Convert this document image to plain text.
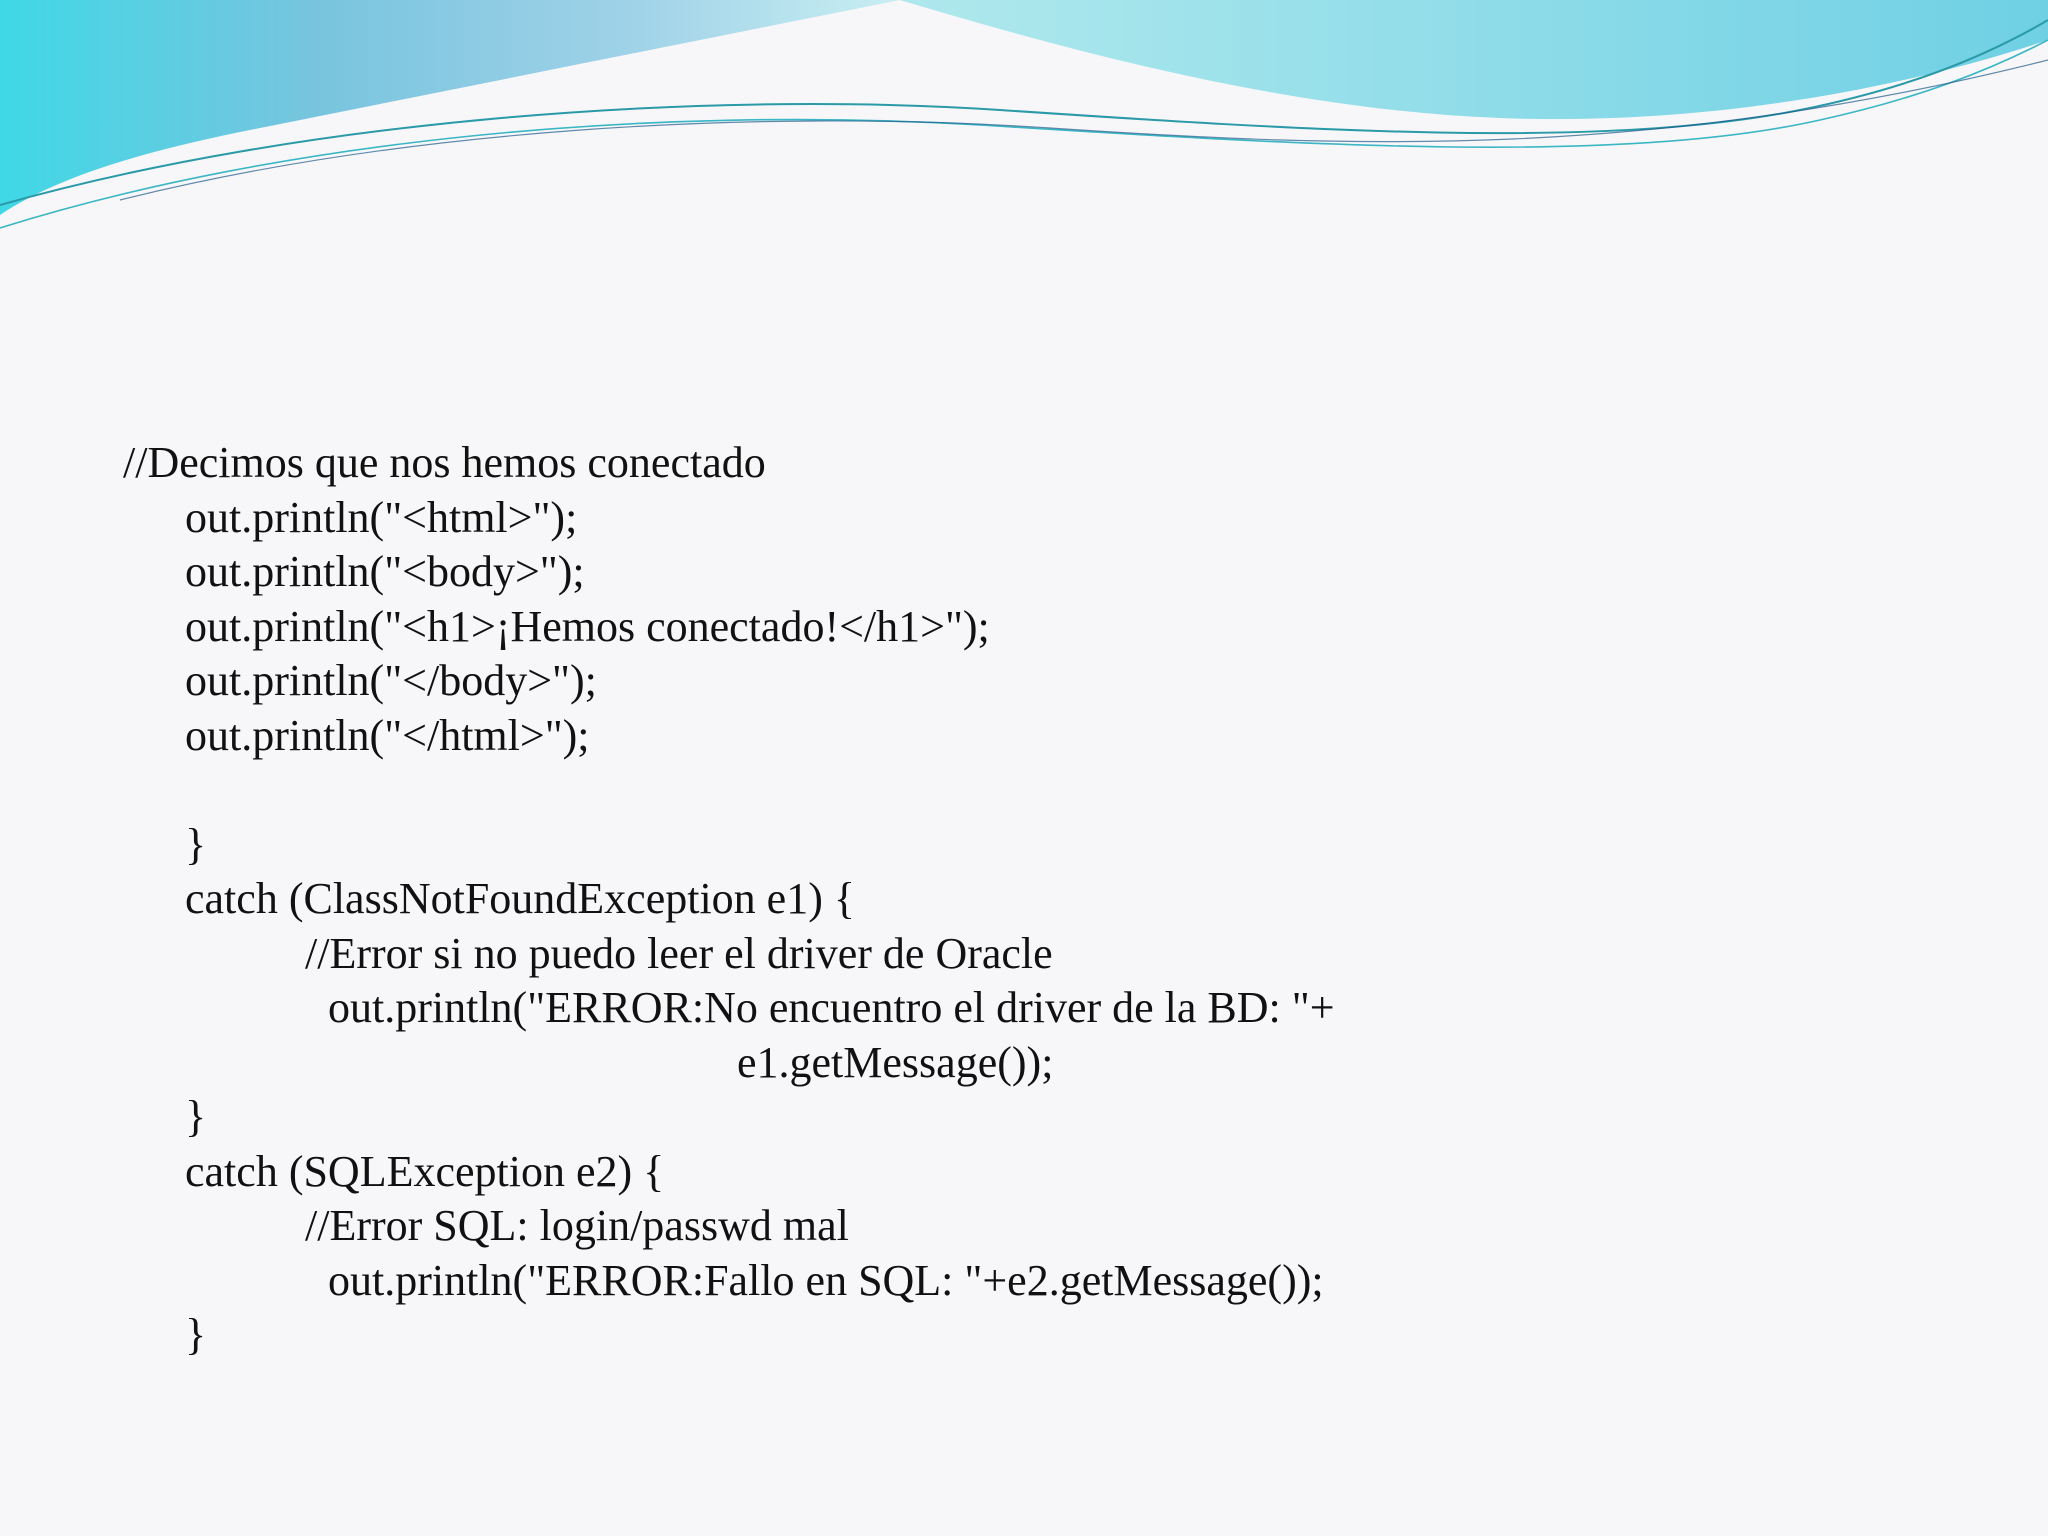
//Decimos que nos hemos conectado
out.println("<html>");
out.println("<body>");
out.println("<h1>¡Hemos conectado!</h1>");
out.println("</body>");
out.println("</html>");
}
catch (ClassNotFoundException e1) {
//Error si no puedo leer el driver de Oracle
out.println("ERROR:No encuentro el driver de la BD: "+
e1.getMessage());
}
catch (SQLException e2) {
//Error SQL: login/passwd mal
out.println("ERROR:Fallo en SQL: "+e2.getMessage());
}
